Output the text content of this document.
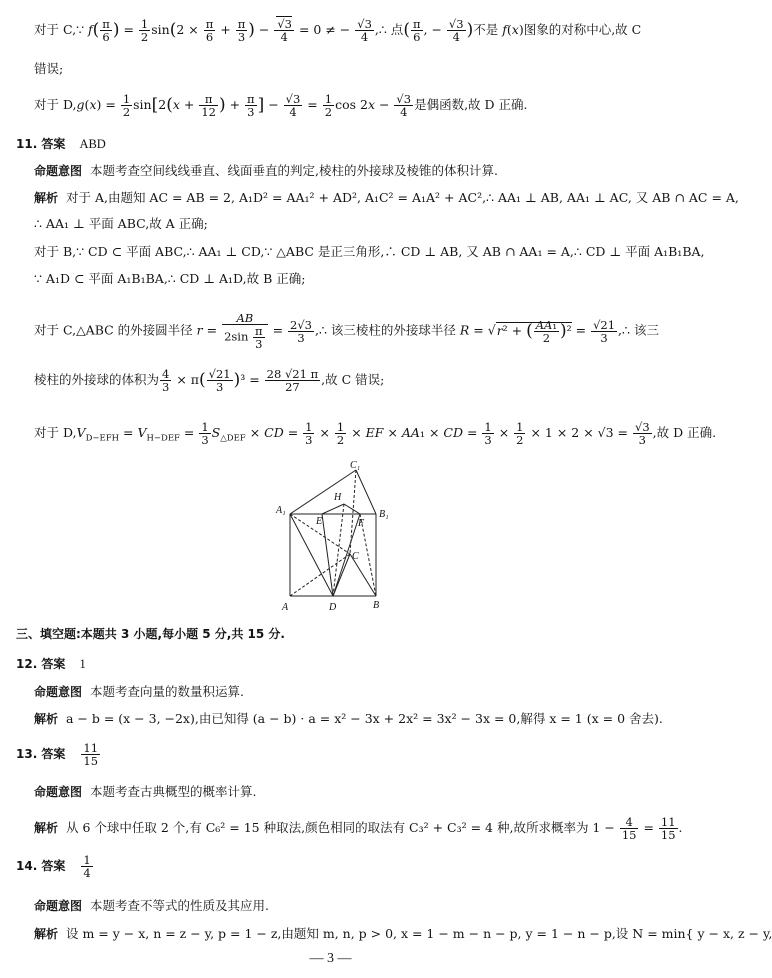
对于 C,∵ $f( \frac{\pi}{6}$ ) = $\frac{1}{2} \sin(2 \times \frac{\pi}{6} + \frac{\pi}{3}$ ) − $\frac{√3}{4} = 0$ ≠ − $\frac{√3}{4}$ ,∴ 点( $\frac{\pi}{6}$ , − $\frac{√3}{4}$ )不是 f(x)图象的对称中心,故 C
错误;
对于 $D,g(x) = \frac{1}{2} \sin[2(x + \frac{\pi}{12}$ ) + $\frac{\pi}{3}$ ] − $\frac{√3}{4} = \frac{1}{2}$ $\cos 2x - \frac{√3}{4}$ 是偶函数,故 D 正确.
11. 答案 ABD
命题意图 本题考查空间线线垂直、线面垂直的判定,棱柱的外接球及棱锥的体积计算.
解析 对于 A,由题知 AC = AB = 2, A₁D² = AA₁² + AD², A₁C² = A₁A² + AC²,∴ AA₁ ⊥ AB, AA₁ ⊥ AC, 又 AB ∩ AC = A,
∴ AA₁ ⊥ 平面 ABC,故 A 正确;
对于 B,∵ CD ⊂ 平面 ABC,∴ AA₁ ⊥ CD,∵ △ABC 是正三角形,∴ CD ⊥ AB, 又 AB ∩ AA₁ = A,∴ CD ⊥ 平面 A₁B₁BA,
∵ A₁D ⊂ 平面 A₁B₁BA,∴ CD ⊥ A₁D,故 B 正确;
对于 C,△ABC 的外接圆半径 $r = \frac{AB}{2\sin \frac{\pi}{3}} = \frac{2√3}{3}$ ,∴ 该三棱柱的外接球半径 R = √r² + ( $\frac{\text{AA₁}}{2} )^2 = \frac{√21}{3}$ ,∴ 该三
棱柱的外接球的体积为 $\frac{4}{3} \times \pi( \frac{√21}{3} )^3 = \frac{28 √21 \pi}{27}$ ,故 C 错误;
对于 $D,V_{D-EFH} = V_{H-DEF} = \frac{1}{3} S_{\triangle DEF}$ × CD = $\frac{1}{3} \times \frac{1}{2}$ × EF × AA₁ × CD = $\frac{1}{3} \times \frac{1}{2} \times 1 \times 2 \times √3 = \frac{√3}{3}$ ,故 D 正确.
C₁
H
A₁
E	F
B₁
C
A	D	B
三、填空题:本题共 3 小题,每小题 5 分,共 15 分.
12. 答案 1
命题意图 本题考查向量的数量积运算.
解析 a − b = (x − 3, −2x),由已知得 (a − b) · a = x² − 3x + 2x² = 3x² − 3x = 0,解得 x = 1 (x = 0 舍去).
13. 答案 $\frac{11}{15}$
命题意图 本题考查古典概型的概率计算.
解析 从 6 个球中任取 2 个,有 C₆² = 15 种取法,颜色相同的取法有 C₃² + C₃² = 4 种,故所求概率为 $1 - \frac{4}{15} = \frac{11}{15}$ .
14. 答案 $\frac{1}{4}$
命题意图 本题考查不等式的性质及其应用.
解析 设 m = y − x, n = z − y, p = 1 − z,由题知 m, n, p > 0, x = 1 − m − n − p, y = 1 − n − p,设 N = min{ y − x, z − y,
— 3 —
